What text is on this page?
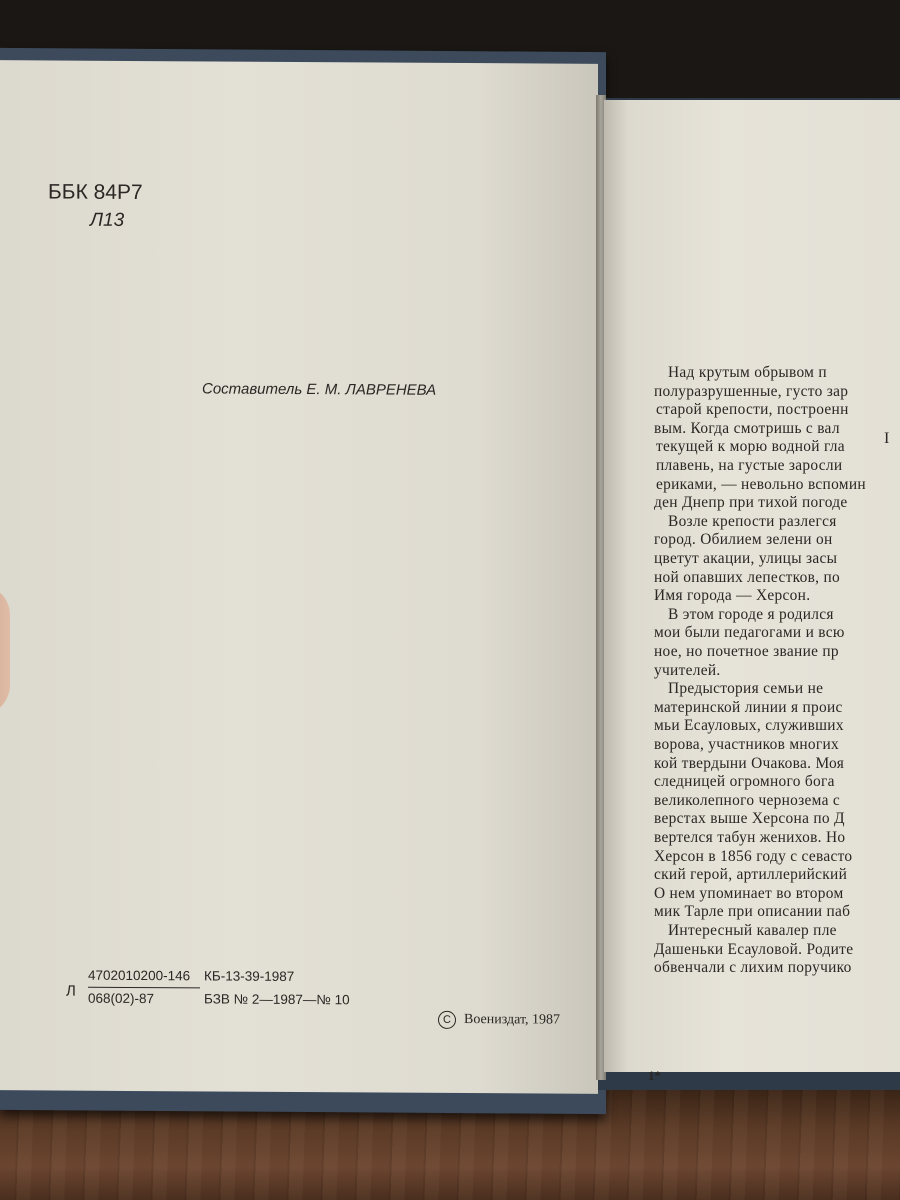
ББК 84Р7
Л13
Составитель Е. М. ЛАВРЕНЕВА
Л
4702010200-146
068(02)-87
КБ-13-39-1987
БЗВ № 2—1987—№ 10
C Воениздат, 1987
I
1*
Над крутым обрывом п
полуразрушенные, густо зар
старой крепости, построенн
вым. Когда смотришь с вал
текущей к морю водной гла
плавень, на густые заросли
ериками, — невольно вспомин
ден Днепр при тихой погоде
Возле крепости разлегся
город. Обилием зелени он
цветут акации, улицы засы
ной опавших лепестков, по
Имя города — Херсон.
В этом городе я родился
мои были педагогами и всю
ное, но почетное звание пр
учителей.
Предыстория семьи не
материнской линии я проис
мьи Есауловых, служивших
ворова, участников многих
кой твердыни Очакова. Моя
следницей огромного бога
великолепного чернозема с
верстах выше Херсона по Д
вертелся табун женихов. Но
Херсон в 1856 году с севасто
ский герой, артиллерийский
О нем упоминает во втором
мик Тарле при описании паб
Интересный кавалер пле
Дашеньки Есауловой. Родите
обвенчали с лихим поручико
